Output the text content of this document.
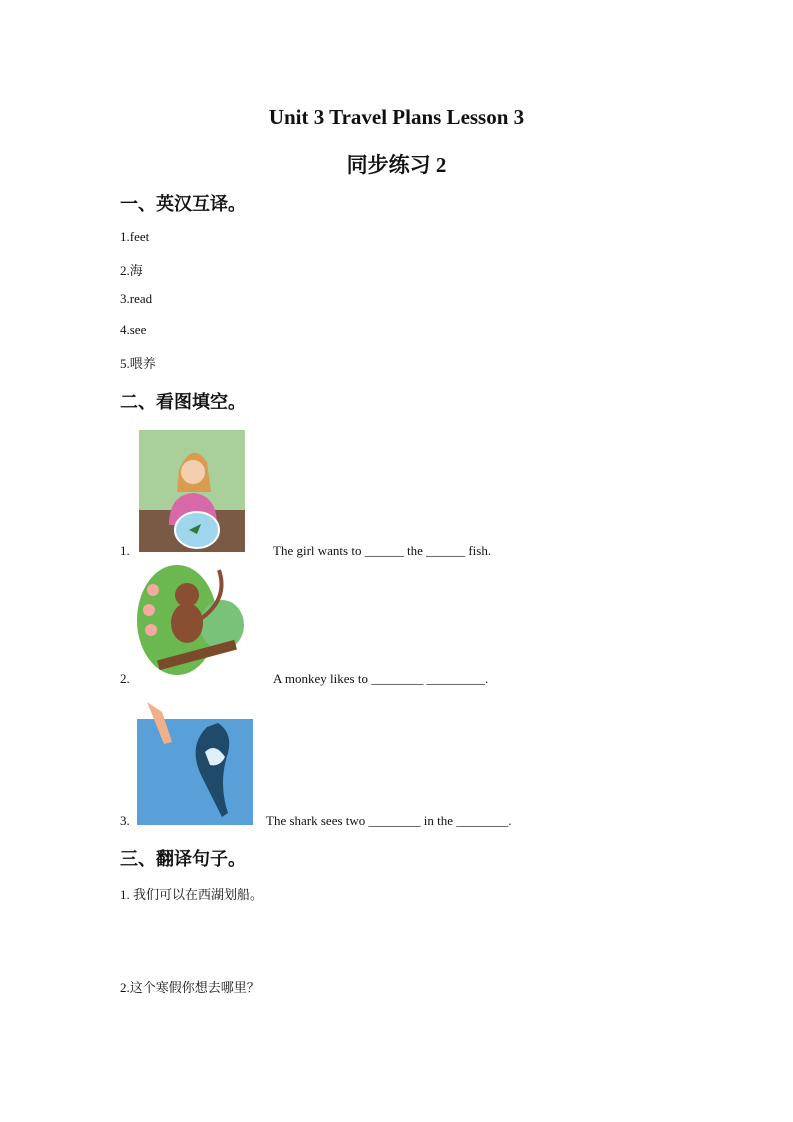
Unit 3 Travel Plans Lesson 3
同步练习 2
一、英汉互译。
1.feet
2.海
3.read
4.see
5.喂养
二、看图填空。
1.	The girl wants to ______ the ______ fish.
2.	A monkey likes to ________ _________.
3.	The shark sees two ________ in the ________.
三、翻译句子。
1. 我们可以在西湖划船。
2.这个寒假你想去哪里？
